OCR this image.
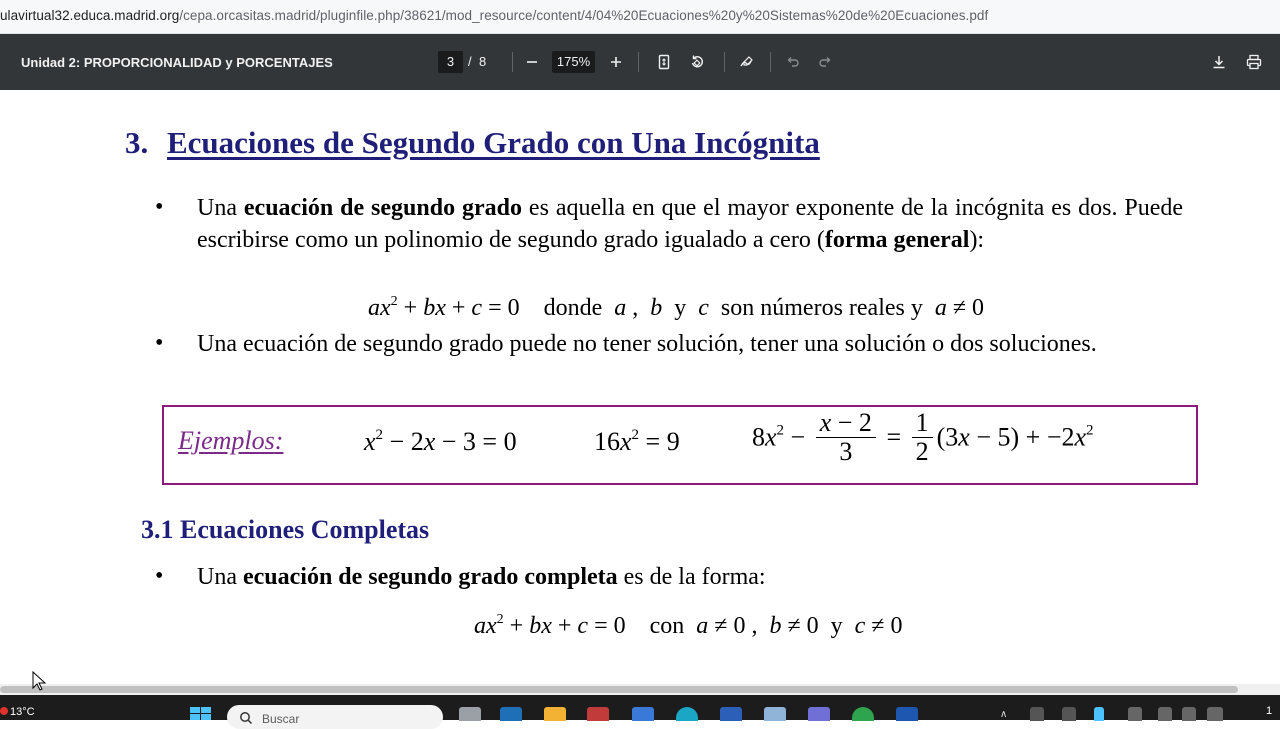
ulavirtual32.educa.madrid.org/cepa.orcasitas.madrid/pluginfile.php/38621/mod_resource/content/4/04%20Ecuaciones%20y%20Sistemas%20de%20Ecuaciones.pdf
Unidad 2: PROPORCIONALIDAD y PORCENTAJES	3	/ 8	175%
3. Ecuaciones de Segundo Grado con Una Incógnita
• Una ecuación de segundo grado es aquella en que el mayor exponente de la incógnita es dos. Puede escribirse como un polinomio de segundo grado igualado a cero (forma general):
$ax^2$ + bx + c = 0    donde a ,  b y c son números reales y a ≠ 0
• Una ecuación de segundo grado puede no tener solución, tener una solución o dos soluciones.
Ejemplos:	$x^2 - 2x - 3 = 0$	$16x^2 = 9$	$8x^2 - \frac{x - 2}{3} = \frac{1}{2} (3x - 5) + -2x^2$
3.1 Ecuaciones Completas
• Una ecuación de segundo grado completa es de la forma:
$ax^2$ + bx + c = 0    con a ≠ 0 ,  b ≠ 0  y c ≠ 0
13°C	Buscar	∧	1
